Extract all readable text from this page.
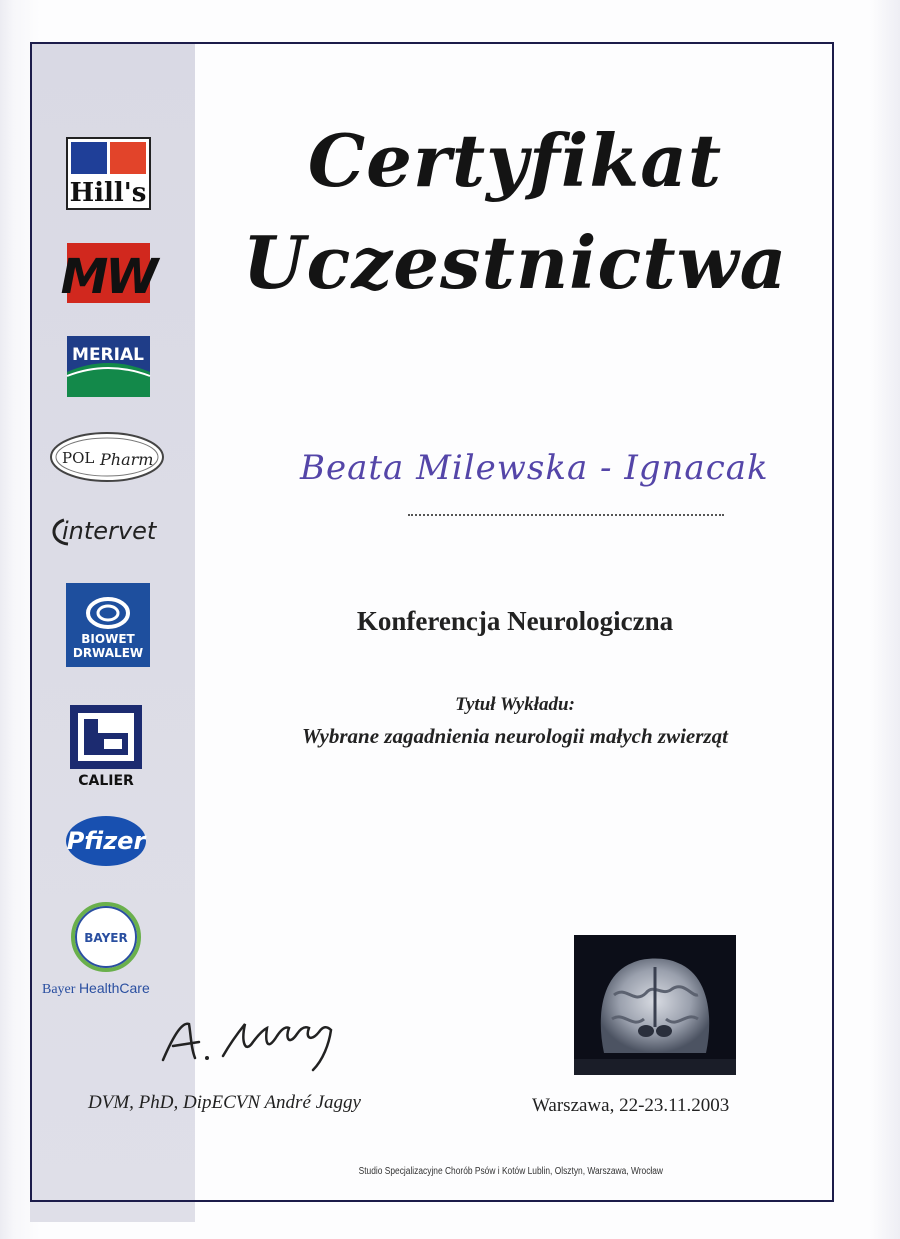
Hill's
MW
MERIAL
POL Pharm
intervet
BIOWET
DRWALEW
CALIER
Pfizer
BAYER
Bayer HealthCare
Certyfikat
Uczestnictwa
Beata Milewska - Ignacak
Konferencja Neurologiczna
Tytuł Wykładu:
Wybrane zagadnienia neurologii małych zwierząt
DVM, PhD, DipECVN André Jaggy	Warszawa, 22-23.11.2003
Studio Specjalizacyjne Chorób Psów i Kotów Lublin, Olsztyn, Warszawa, Wrocław
